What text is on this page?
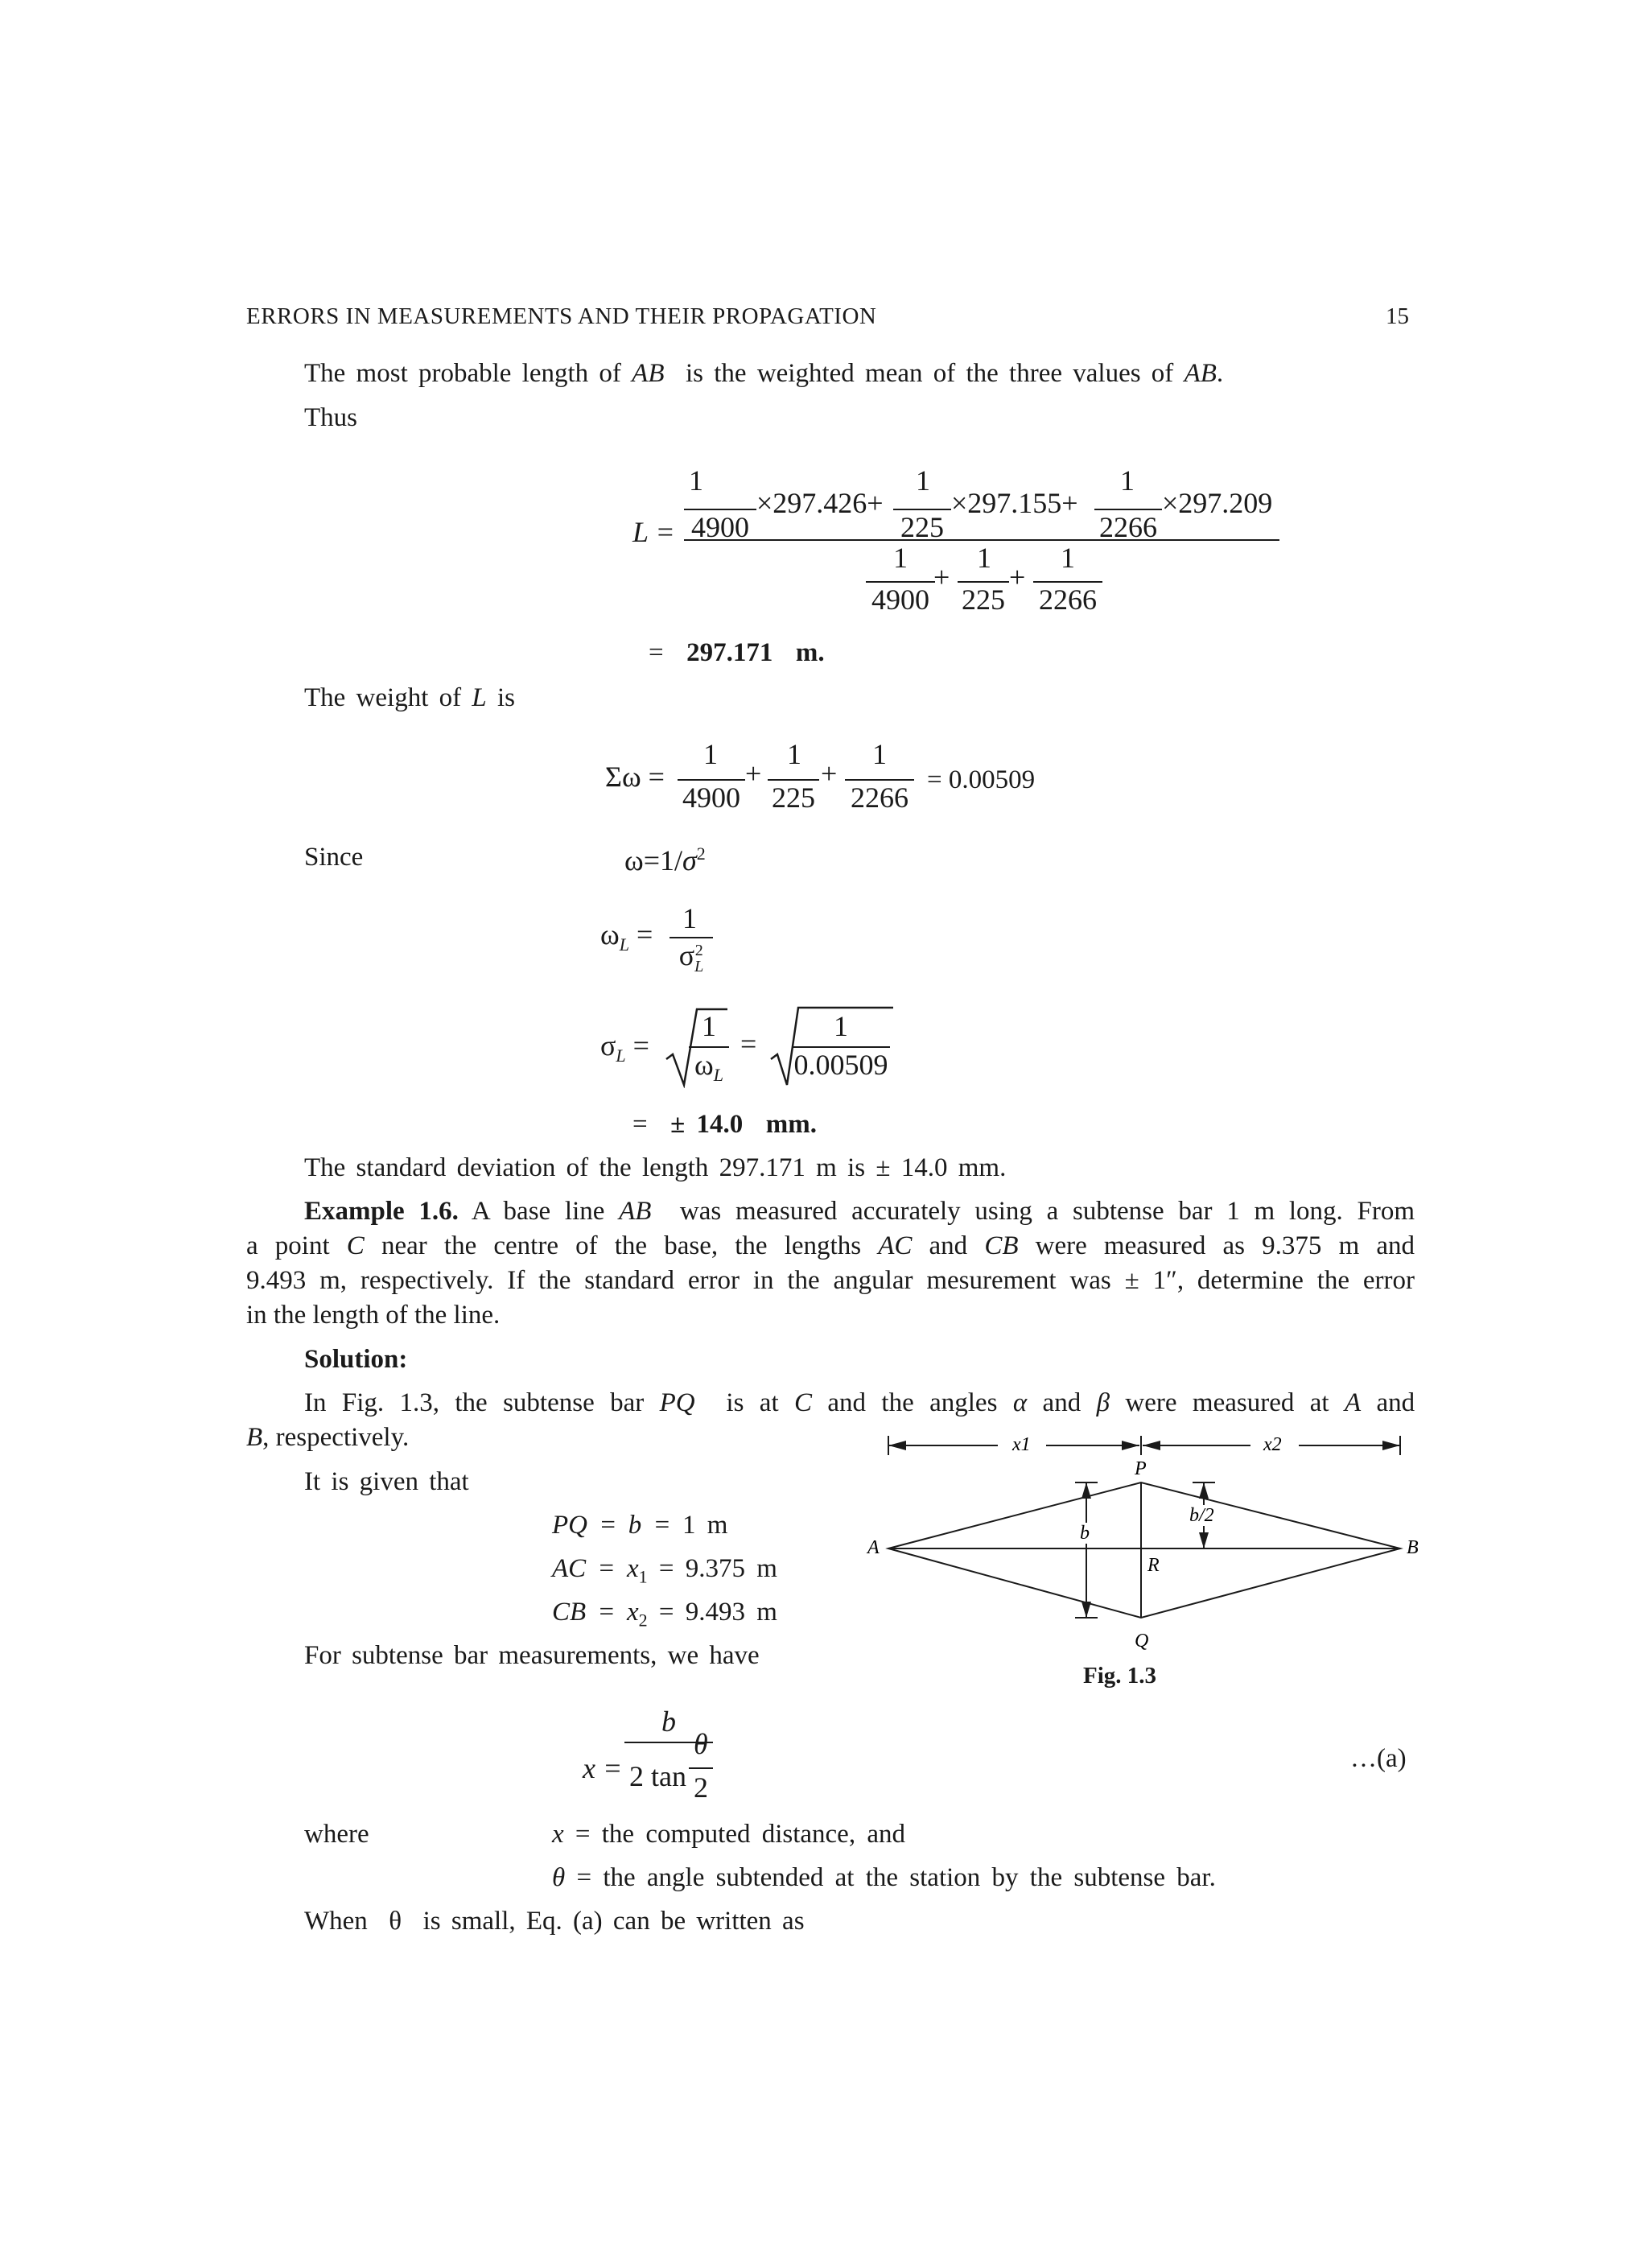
ERRORS IN MEASUREMENTS AND THEIR PROPAGATION	15
The most probable length of AB is the weighted mean of the three values of AB.
Thus
L =
1
4900
×297.426+
1
225
×297.155+
1
2266
×297.209
1
4900
+
1
225
+
1
2266
= 297.171 m.
The weight of L is
Σω =
1
4900
+
1
225
+
1
2266
= 0.00509
Since	$\omega=1/\sigma^2$
$\omega_L = 1$
σ 2
L
$\sigma_L$ =
1
$\omega_L$
=
1
0.00509
= ± 14.0 mm.
The standard deviation of the length 297.171 m is ± 14.0 mm.
Example 1.6. A base line AB was measured accurately using a subtense bar 1 m long. From
a point C near the centre of the base, the lengths AC and CB were measured as 9.375 m and
9.493 m, respectively. If the standard error in the angular mesurement was ± 1″, determine the error
in the length of the line.
Solution:
In Fig. 1.3, the subtense bar PQ is at C and the angles α and β were measured at A and
B, respectively.
It is given that
PQ = b = 1 m
AC = $x_1 = 9.375$ m
CB = $x_2 = 9.493$ m
For subtense bar measurements, we have
x1	x2
b
b/2
P
Q
A	B
R
Fig. 1.3
x =
b
2 tan
θ
2
…(a)
where	x = the computed distance, and
θ = the angle subtended at the station by the subtense bar.
When θ is small, Eq. (a) can be written as
